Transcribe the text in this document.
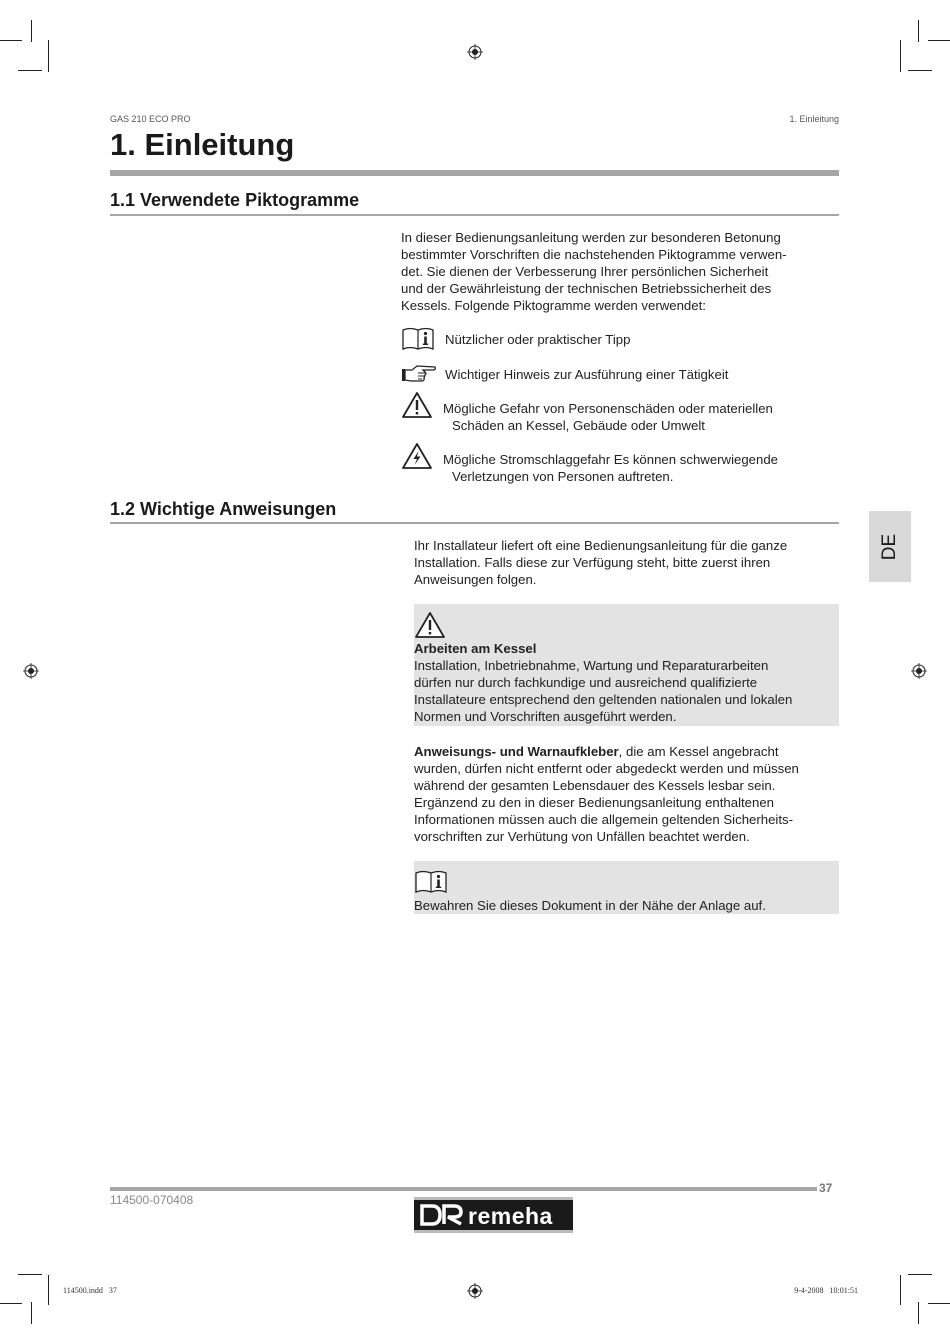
GAS 210 ECO PRO	1. Einleitung
1. Einleitung
1.1 Verwendete Piktogramme
In dieser Bedienungsanleitung werden zur besonderen Betonung
bestimmter Vorschriften die nachstehenden Piktogramme verwen-
det. Sie dienen der Verbesserung Ihrer persönlichen Sicherheit
und der Gewährleistung der technischen Betriebssicherheit des
Kessels. Folgende Piktogramme werden verwendet:
Nützlicher oder praktischer Tipp
Wichtiger Hinweis zur Ausführung einer Tätigkeit
Mögliche Gefahr von Personenschäden oder materiellen
Schäden an Kessel, Gebäude oder Umwelt
Mögliche Stromschlaggefahr Es können schwerwiegende
Verletzungen von Personen auftreten.
1.2 Wichtige Anweisungen
DE
Ihr Installateur liefert oft eine Bedienungsanleitung für die ganze
Installation. Falls diese zur Verfügung steht, bitte zuerst ihren
Anweisungen folgen.
Arbeiten am Kessel
Installation, Inbetriebnahme, Wartung und Reparaturarbeiten
dürfen nur durch fachkundige und ausreichend qualifizierte
Installateure entsprechend den geltenden nationalen und lokalen
Normen und Vorschriften ausgeführt werden.
Anweisungs- und Warnaufkleber, die am Kessel angebracht
wurden, dürfen nicht entfernt oder abgedeckt werden und müssen
während der gesamten Lebensdauer des Kessels lesbar sein.
Ergänzend zu den in dieser Bedienungsanleitung enthaltenen
Informationen müssen auch die allgemein geltenden Sicherheits-
vorschriften zur Verhütung von Unfällen beachtet werden.
Bewahren Sie dieses Dokument in der Nähe der Anlage auf.
37
114500-070408
remeha
114500.indd   37	9-4-2008   10:01:51
